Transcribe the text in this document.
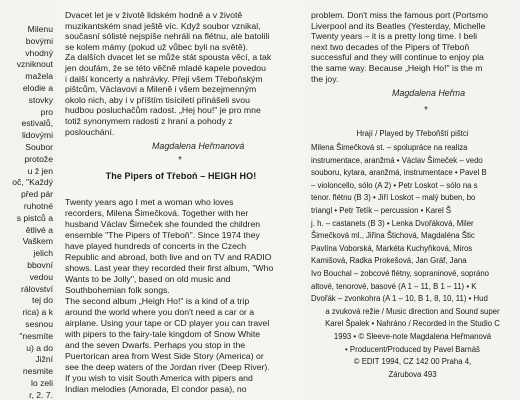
Milenu
bovými
vhodný
vzniknout
mažela
elodie a
stovky
pro
estivalů,
lidovými
Soubor
protože
u ž jen
oč, "Každý
před pár
ruhotné
s pistců a
ětlivé a
Vaškem
jelich
bbovní
vedou
rálovství
tej do
rica) a k
sesnou
"nesmíte
u) a do
Jižní
nesmite
lo zeli
r, 2. 7.
Dvacet let je v životě lidském hodně a v životě
muzikantském snad ještě víc. Když soubor vznikal,
současní sólisté nejspíše nehráli na flétnu, ale batolili
se kolem mámy (pokud už vůbec byli na světě).
Za dalších dvacet let se může stát spousta věcí, a tak
jen doufám, že se této věčně mladé kapele povedou
i další koncerty a nahrávky. Přeji všem Třeboňským
pištcům, Václavovi a Mileně i všem bezejmenným
okolo nich, aby i v příštím tisíciletí přinášeli svou
hudbou posluchačům radost. „Hej hou!" je pro mne
totiž synonymem radosti z hraní a pohody z
poslouchání.
Magdalena Heřmanová
*
The Pipers of Třeboň – HEIGH HO!
Twenty years ago I met a woman who loves
recorders, Milena Šimečková. Together with her
husband Václav Šimeček she founded the children
ensemble "The Pipers of Třeboň". Since 1974 they
have played hundreds of concerts in the Czech
Republic and abroad, both live and on TV and RADIO
shows. Last year they recorded their first album, "Who
Wants to be Jolly", based on old music and
Southbohemian folk songs.
The second album „Heigh Ho!" is a kind of a trip
around the world where you don't need a car or a
airplane. Using your tape or CD player you can travel
with pipers to the fairy-tale kingdom of Snow White
and the seven Dwarfs. Perhaps you stop in the
Puertorican area from West Side Story (America) or
see the deep waters of the Jordan river (Deep River).
If you wish to visit South America with pipers and
Indian melodies (Amorada, El condor pasa), no
problem. Don't miss the famous port (Portsmo
Liverpool and its Beatles (Yesterday, Michelle
Twenty years – it is a pretty long time. I beli
next two decades of the Pipers of Třeboň
successful and they will continue to enjoy pla
the same way. Because „Heigh Ho!" is the m
the joy.
Magdalena Heřma
*
Hrají / Played by Třeboňští pištci
Milena Šimečková st. – spolupráce na realiza
instrumentace, aranžmá • Václav Šimeček – vedo
souboru, kytara, aranžmá, instrumentace • Pavel B
– violoncello, sólo (A 2) • Petr Loskot – sólo na s
tenor. flétnu (B 3) • Jiří Loskot – malý buben, bo
triangl • Petr Tetík – percussion • Karel Š
j. h. – castanets (B 3) • Lenka Dvořáková, Miler
Šimečková ml., Jiřina Štichová, Magdaléna Štic
Pavlína Voborská, Markéta Kuchyňková, Miros
Kamišová, Radka Prokešová, Jan Gráf, Jana
Ivo Bouchal – zobcové flétny, sopraninové, sopráno
altové, tenorové, basové (A 1 – 11, B 1 – 11) • K
Dvořák – zvonkohra (A 1 – 10, B 1, 8, 10, 11) • Hud
a zvuková režie / Music direction and Sound super
Karel Špalek • Nahráno / Recorded in the Studio C
1993 • © Sleeve-note Magdalena Heřmanová
• Producent/Produced by Pavel Barnáš
© EDIT 1994, CZ 142 00 Praha 4,
Zárubova 493
